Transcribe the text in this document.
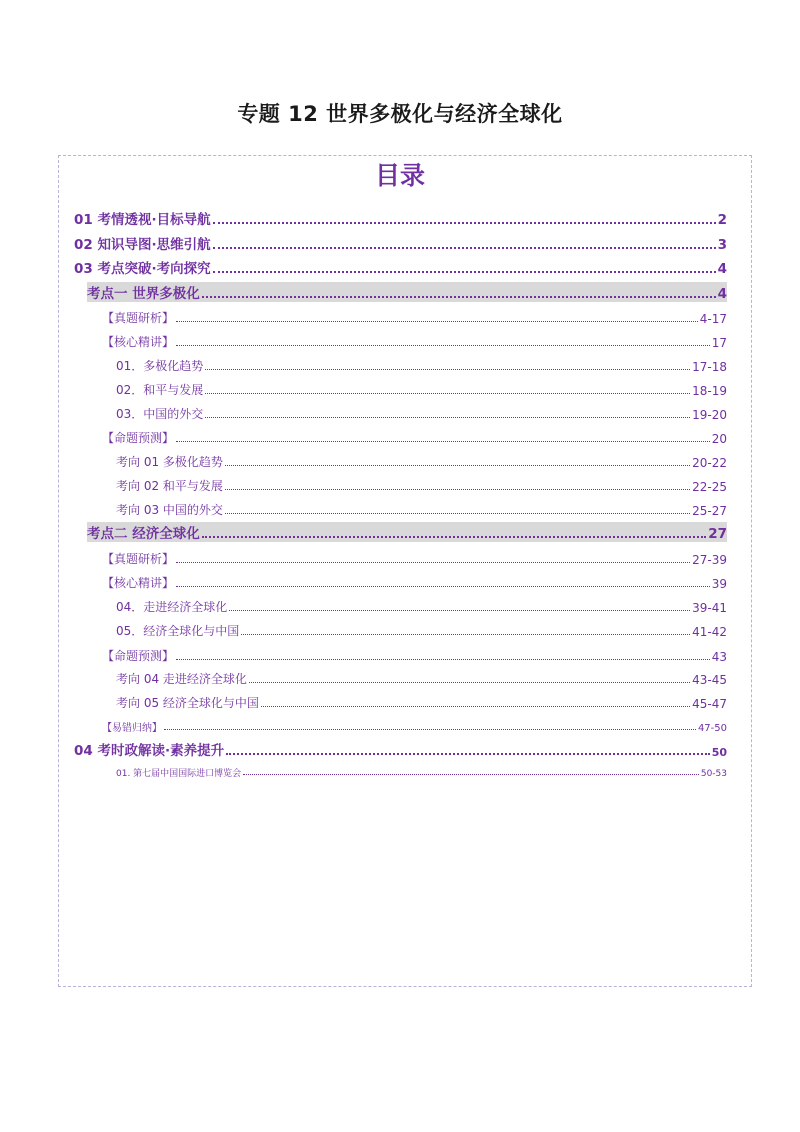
专题 12 世界多极化与经济全球化
目录
01 考情透视·目标导航	2
02 知识导图·思维引航	3
03 考点突破·考向探究	4
考点一 世界多极化	4
【真题研析】	4-17
【核心精讲】	17
01．多极化趋势	17-18
02．和平与发展	18-19
03．中国的外交	19-20
【命题预测】	20
考向 01 多极化趋势	20-22
考向 02 和平与发展	22-25
考向 03 中国的外交	25-27
考点二 经济全球化	27
【真题研析】	27-39
【核心精讲】	39
04．走进经济全球化	39-41
05．经济全球化与中国	41-42
【命题预测】	43
考向 04 走进经济全球化	43-45
考向 05 经济全球化与中国	45-47
【易错归纳】	47-50
04 考时政解读·素养提升	50
01. 第七届中国国际进口博览会	50-53
